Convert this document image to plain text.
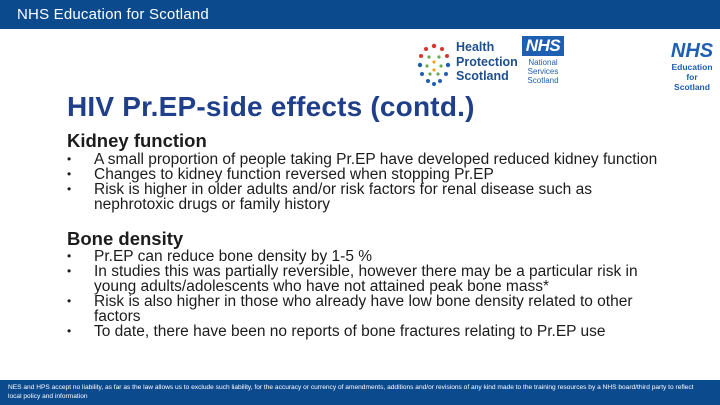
NHS Education for Scotland
Health
Protection
Scotland
NHS
National
Services
Scotland
NHS
Education
for
Scotland
HIV Pr.EP-side effects (contd.)
Kidney function
• A small proportion of people taking Pr.EP have developed reduced kidney function
• Changes to kidney function reversed when stopping Pr.EP
• Risk is higher in older adults and/or risk factors for renal disease such as nephrotoxic drugs or family history
Bone density
• Pr.EP can reduce bone density by 1-5 %
• In studies this was partially reversible, however there may be a particular risk in young adults/adolescents who have not attained peak bone mass*
• Risk is also higher in those who already have low bone density related to other factors
• To date, there have been no reports of bone fractures relating to Pr.EP use
NES and HPS accept no liability, as far as the law allows us to exclude such liability, for the accuracy or currency of amendments, additions and/or revisions of any kind made to the training resources by a NHS board/third party to reflect local policy and information
